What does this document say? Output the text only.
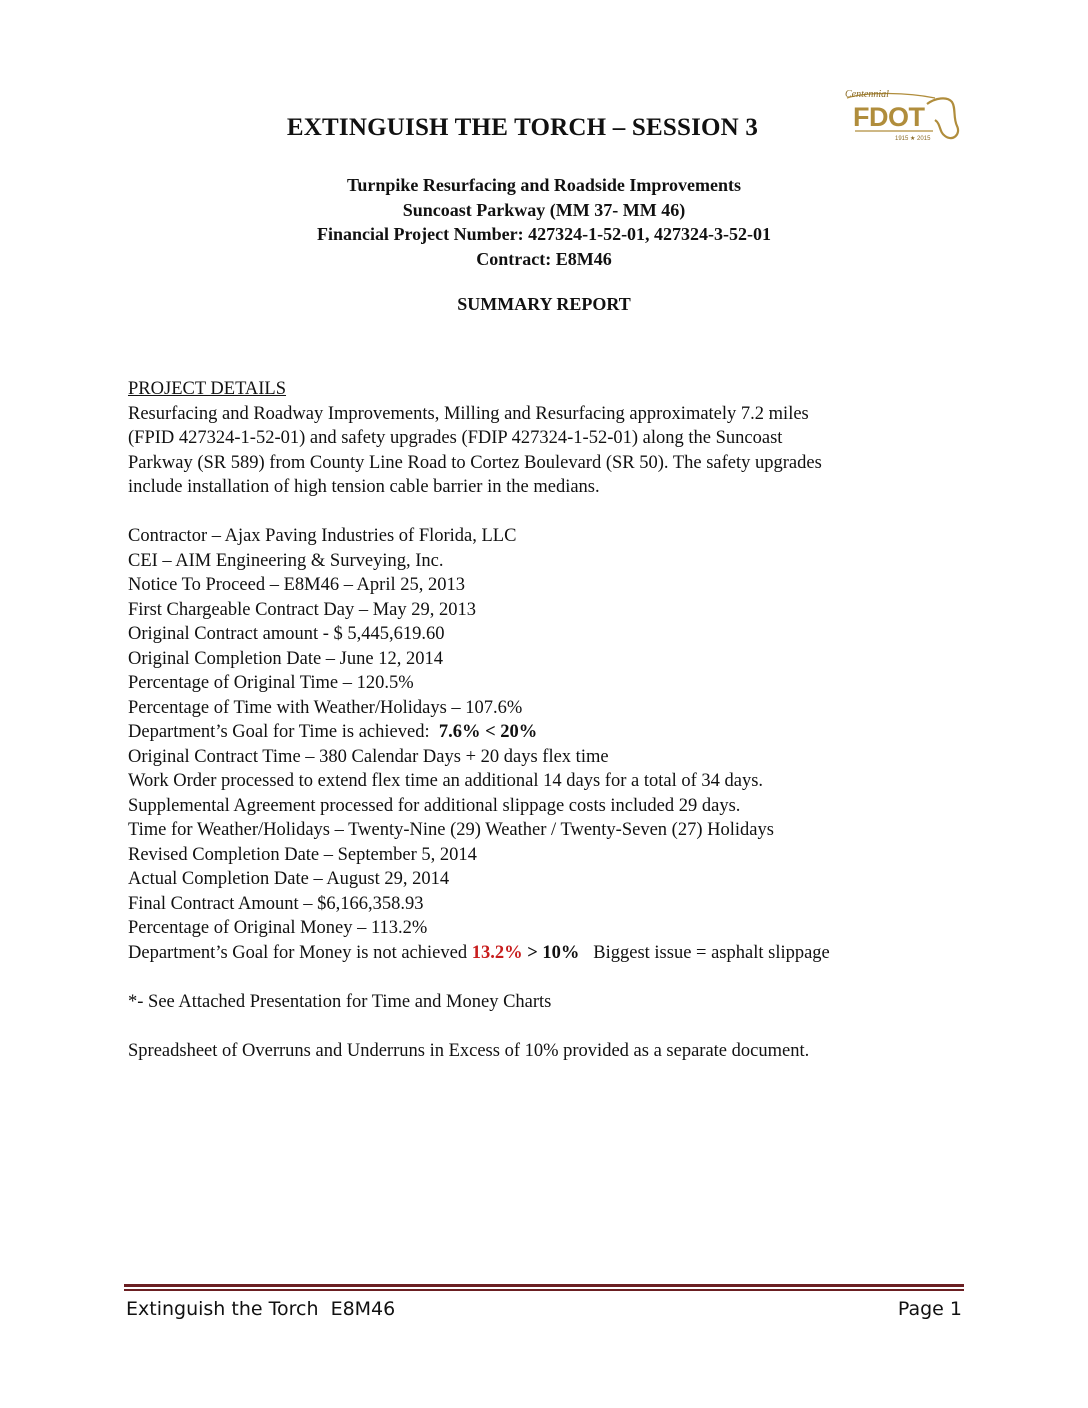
Centennial
FDOT
1915 ★ 2015
EXTINGUISH THE TORCH – SESSION 3
Turnpike Resurfacing and Roadside Improvements
Suncoast Parkway (MM 37- MM 46)
Financial Project Number: 427324-1-52-01, 427324-3-52-01
Contract: E8M46
SUMMARY REPORT
PROJECT DETAILS
Resurfacing and Roadway Improvements, Milling and Resurfacing approximately 7.2 miles
(FPID 427324-1-52-01) and safety upgrades (FDIP 427324-1-52-01) along the Suncoast
Parkway (SR 589) from County Line Road to Cortez Boulevard (SR 50). The safety upgrades
include installation of high tension cable barrier in the medians.
Contractor – Ajax Paving Industries of Florida, LLC
CEI – AIM Engineering & Surveying, Inc.
Notice To Proceed – E8M46 – April 25, 2013
First Chargeable Contract Day – May 29, 2013
Original Contract amount - $ 5,445,619.60
Original Completion Date – June 12, 2014
Percentage of Original Time – 120.5%
Percentage of Time with Weather/Holidays – 107.6%
Department’s Goal for Time is achieved:  7.6% < 20%
Original Contract Time – 380 Calendar Days + 20 days flex time
Work Order processed to extend flex time an additional 14 days for a total of 34 days.
Supplemental Agreement processed for additional slippage costs included 29 days.
Time for Weather/Holidays – Twenty-Nine (29) Weather / Twenty-Seven (27) Holidays
Revised Completion Date – September 5, 2014
Actual Completion Date – August 29, 2014
Final Contract Amount – $6,166,358.93
Percentage of Original Money – 113.2%
Department’s Goal for Money is not achieved 13.2% > 10%   Biggest issue = asphalt slippage
*- See Attached Presentation for Time and Money Charts
Spreadsheet of Overruns and Underruns in Excess of 10% provided as a separate document.
Extinguish the Torch  E8M46	Page 1
